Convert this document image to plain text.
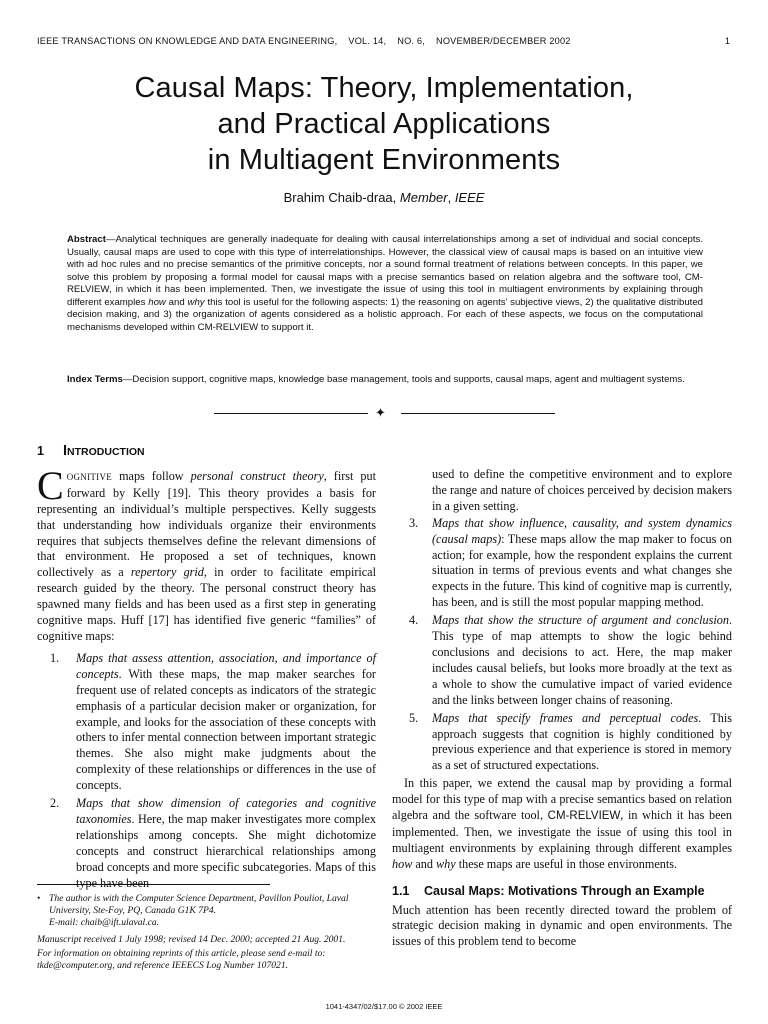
IEEE TRANSACTIONS ON KNOWLEDGE AND DATA ENGINEERING,    VOL. 14,    NO. 6,    NOVEMBER/DECEMBER 2002	1
Causal Maps: Theory, Implementation,
and Practical Applications
in Multiagent Environments
Brahim Chaib-draa, Member, IEEE
Abstract—Analytical techniques are generally inadequate for dealing with causal interrelationships among a set of individual and social concepts. Usually, causal maps are used to cope with this type of interrelationships. However, the classical view of causal maps is based on an intuitive view with ad hoc rules and no precise semantics of the primitive concepts, nor a sound formal treatment of relations between concepts. In this paper, we solve this problem by proposing a formal model for causal maps with a precise semantics based on relation algebra and the software tool, CM-RELVIEW, in which it has been implemented. Then, we investigate the issue of using this tool in multiagent environments by explaining through different examples how and why this tool is useful for the following aspects: 1) the reasoning on agents’ subjective views, 2) the qualitative distributed decision making, and 3) the organization of agents considered as a holistic approach. For each of these aspects, we focus on the computational mechanisms developed within CM-RELVIEW to support it.
Index Terms—Decision support, cognitive maps, knowledge base management, tools and supports, causal maps, agent and multiagent systems.
✦
1 INTRODUCTION

COGNITIVE maps follow personal construct theory, first put forward by Kelly [19]. This theory provides a basis for representing an individual’s multiple perspectives. Kelly suggests that understanding how individuals organize their environments requires that subjects themselves define the relevant dimensions of that environment. He proposed a set of techniques, known collectively as a repertory grid, in order to facilitate empirical research guided by the theory. The personal construct theory has spawned many fields and has been used as a first step in generating cognitive maps. Huff [17] has identified five generic “families” of cognitive maps:

1. Maps that assess attention, association, and importance of concepts. With these maps, the map maker searches for frequent use of related concepts as indicators of the strategic emphasis of a particular decision maker or organization, for example, and looks for the association of these concepts with others to infer mental connection between important strategic themes. She also might make judgments about the complexity of these relationships or differences in the use of concepts.
2. Maps that show dimension of categories and cognitive taxonomies. Here, the map maker investigates more complex relationships among concepts. She might dichotomize concepts and construct hierarchical relationships among broad concepts and more specific subcategories. Maps of this type have been

used to define the competitive environment and to explore the range and nature of choices perceived by decision makers in a given setting.

3. Maps that show influence, causality, and system dynamics (causal maps): These maps allow the map maker to focus on action; for example, how the respondent explains the current situation in terms of previous events and what changes she expects in the future. This kind of cognitive map is currently, has been, and is still the most popular mapping method.
4. Maps that show the structure of argument and conclusion. This type of map attempts to show the logic behind conclusions and decisions to act. Here, the map maker includes causal beliefs, but looks more broadly at the text as a whole to show the cumulative impact of varied evidence and the links between longer chains of reasoning.
5. Maps that specify frames and perceptual codes. This approach suggests that cognition is highly conditioned by previous experience and that experience is stored in memory as a set of structured expectations.

In this paper, we extend the causal map by providing a formal model for this type of map with a precise semantics based on relation algebra and the software tool, CM-RELVIEW, in which it has been implemented. Then, we investigate the issue of using this tool in multiagent environments by explaining through different examples how and why these maps are useful in those environments.

1.1 Causal Maps: Motivations Through an Example

Much attention has been recently directed toward the problem of strategic decision making in dynamic and open environments. The issues of this problem tend to become

• The author is with the Computer Science Department, Pavillon Pouliot, Laval University, Ste-Foy, PQ, Canada G1K 7P4.
E-mail: chaib@ift.ulaval.ca.
Manuscript received 1 July 1998; revised 14 Dec. 2000; accepted 21 Aug. 2001.
For information on obtaining reprints of this article, please send e-mail to: tkde@computer.org, and reference IEEECS Log Number 107021.
1041-4347/02/$17.00 © 2002 IEEE
